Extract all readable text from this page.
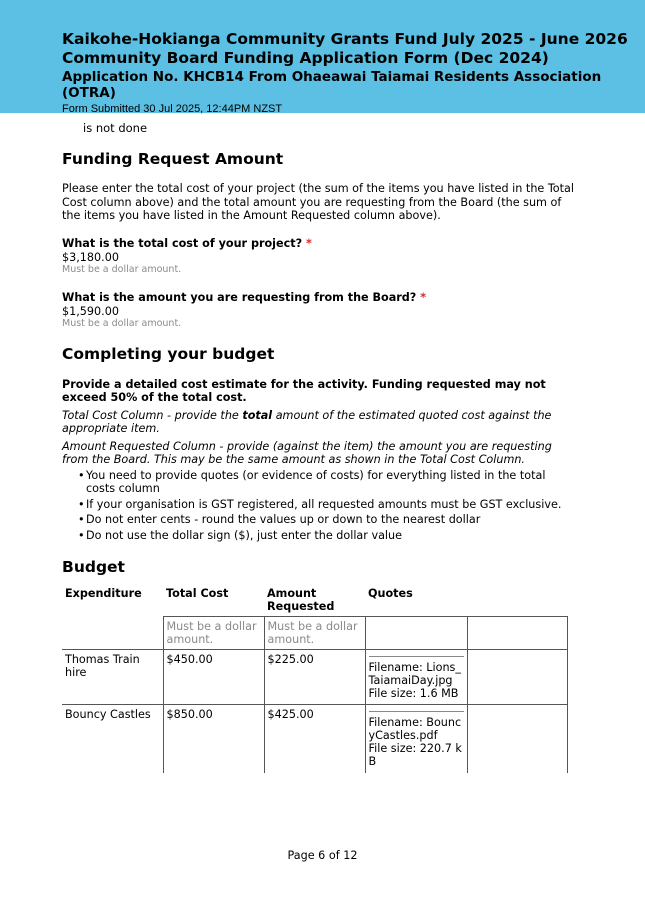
Kaikohe-Hokianga Community Grants Fund July 2025 - June 2026
Community Board Funding Application Form (Dec 2024)
Application No. KHCB14 From Ohaeawai Taiamai Residents Association (OTRA)
Form Submitted 30 Jul 2025, 12:44PM NZST
is not done
Funding Request Amount
Please enter the total cost of your project (the sum of the items you have listed in the Total Cost column above) and the total amount you are requesting from the Board (the sum of the items you have listed in the Amount Requested column above).
What is the total cost of your project? *
$3,180.00
Must be a dollar amount.
What is the amount you are requesting from the Board? *
$1,590.00
Must be a dollar amount.
Completing your budget
Provide a detailed cost estimate for the activity. Funding requested may not exceed 50% of the total cost.
Total Cost Column - provide the total amount of the estimated quoted cost against the appropriate item.
Amount Requested Column - provide (against the item) the amount you are requesting from the Board. This may be the same amount as shown in the Total Cost Column.
• You need to provide quotes (or evidence of costs) for everything listed in the total costs column
• If your organisation is GST registered, all requested amounts must be GST exclusive.
• Do not enter cents - round the values up or down to the nearest dollar
• Do not use the dollar sign ($), just enter the dollar value
Budget
Expenditure	Total Cost	Amount Requested	Quotes	
	Must be a dollar amount.	Must be a dollar amount.		
Thomas Train hire	$450.00	$225.00	Filename: Lions_ TaiamaiDay.jpg
File size: 1.6 MB	

Bouncy Castles	$850.00	$425.00	Filename: Bounc yCastles.pdf
File size: 220.7 k B	

Page 6 of 12
